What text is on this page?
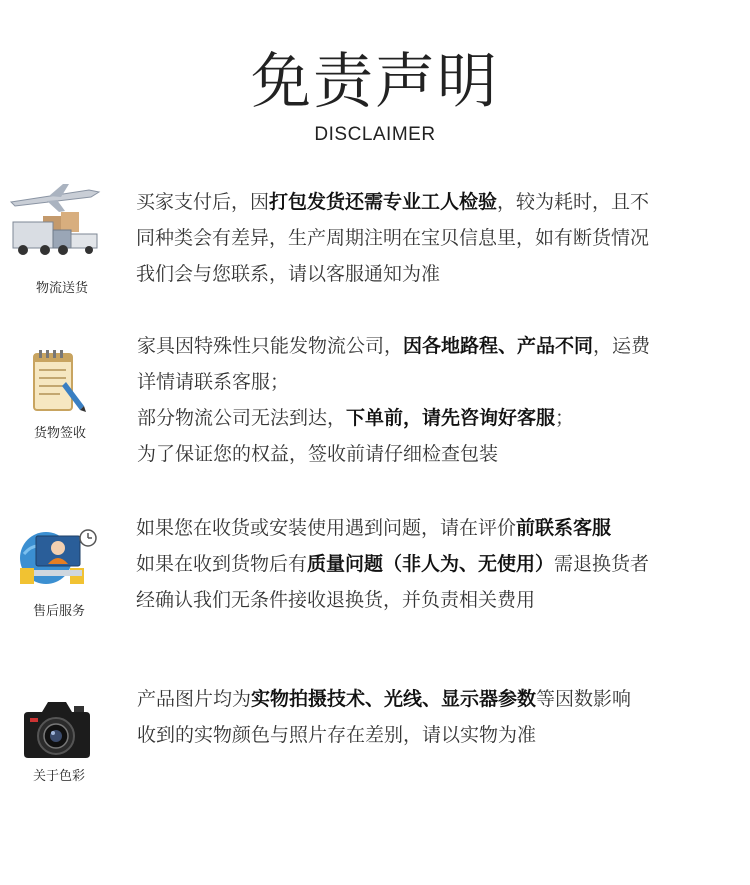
免责声明
DISCLAIMER
物流送货
买家支付后，因打包发货还需专业工人检验，较为耗时，且不
同种类会有差异，生产周期注明在宝贝信息里，如有断货情况
我们会与您联系，请以客服通知为准
货物签收
家具因特殊性只能发物流公司，因各地路程、产品不同，运费
详情请联系客服；
部分物流公司无法到达，下单前，请先咨询好客服；
为了保证您的权益，签收前请仔细检查包装
售后服务
如果您在收货或安装使用遇到问题，请在评价前联系客服
如果在收到货物后有质量问题（非人为、无使用）需退换货者
经确认我们无条件接收退换货，并负责相关费用
关于色彩
产品图片均为实物拍摄技术、光线、显示器参数等因数影响
收到的实物颜色与照片存在差别，请以实物为准
